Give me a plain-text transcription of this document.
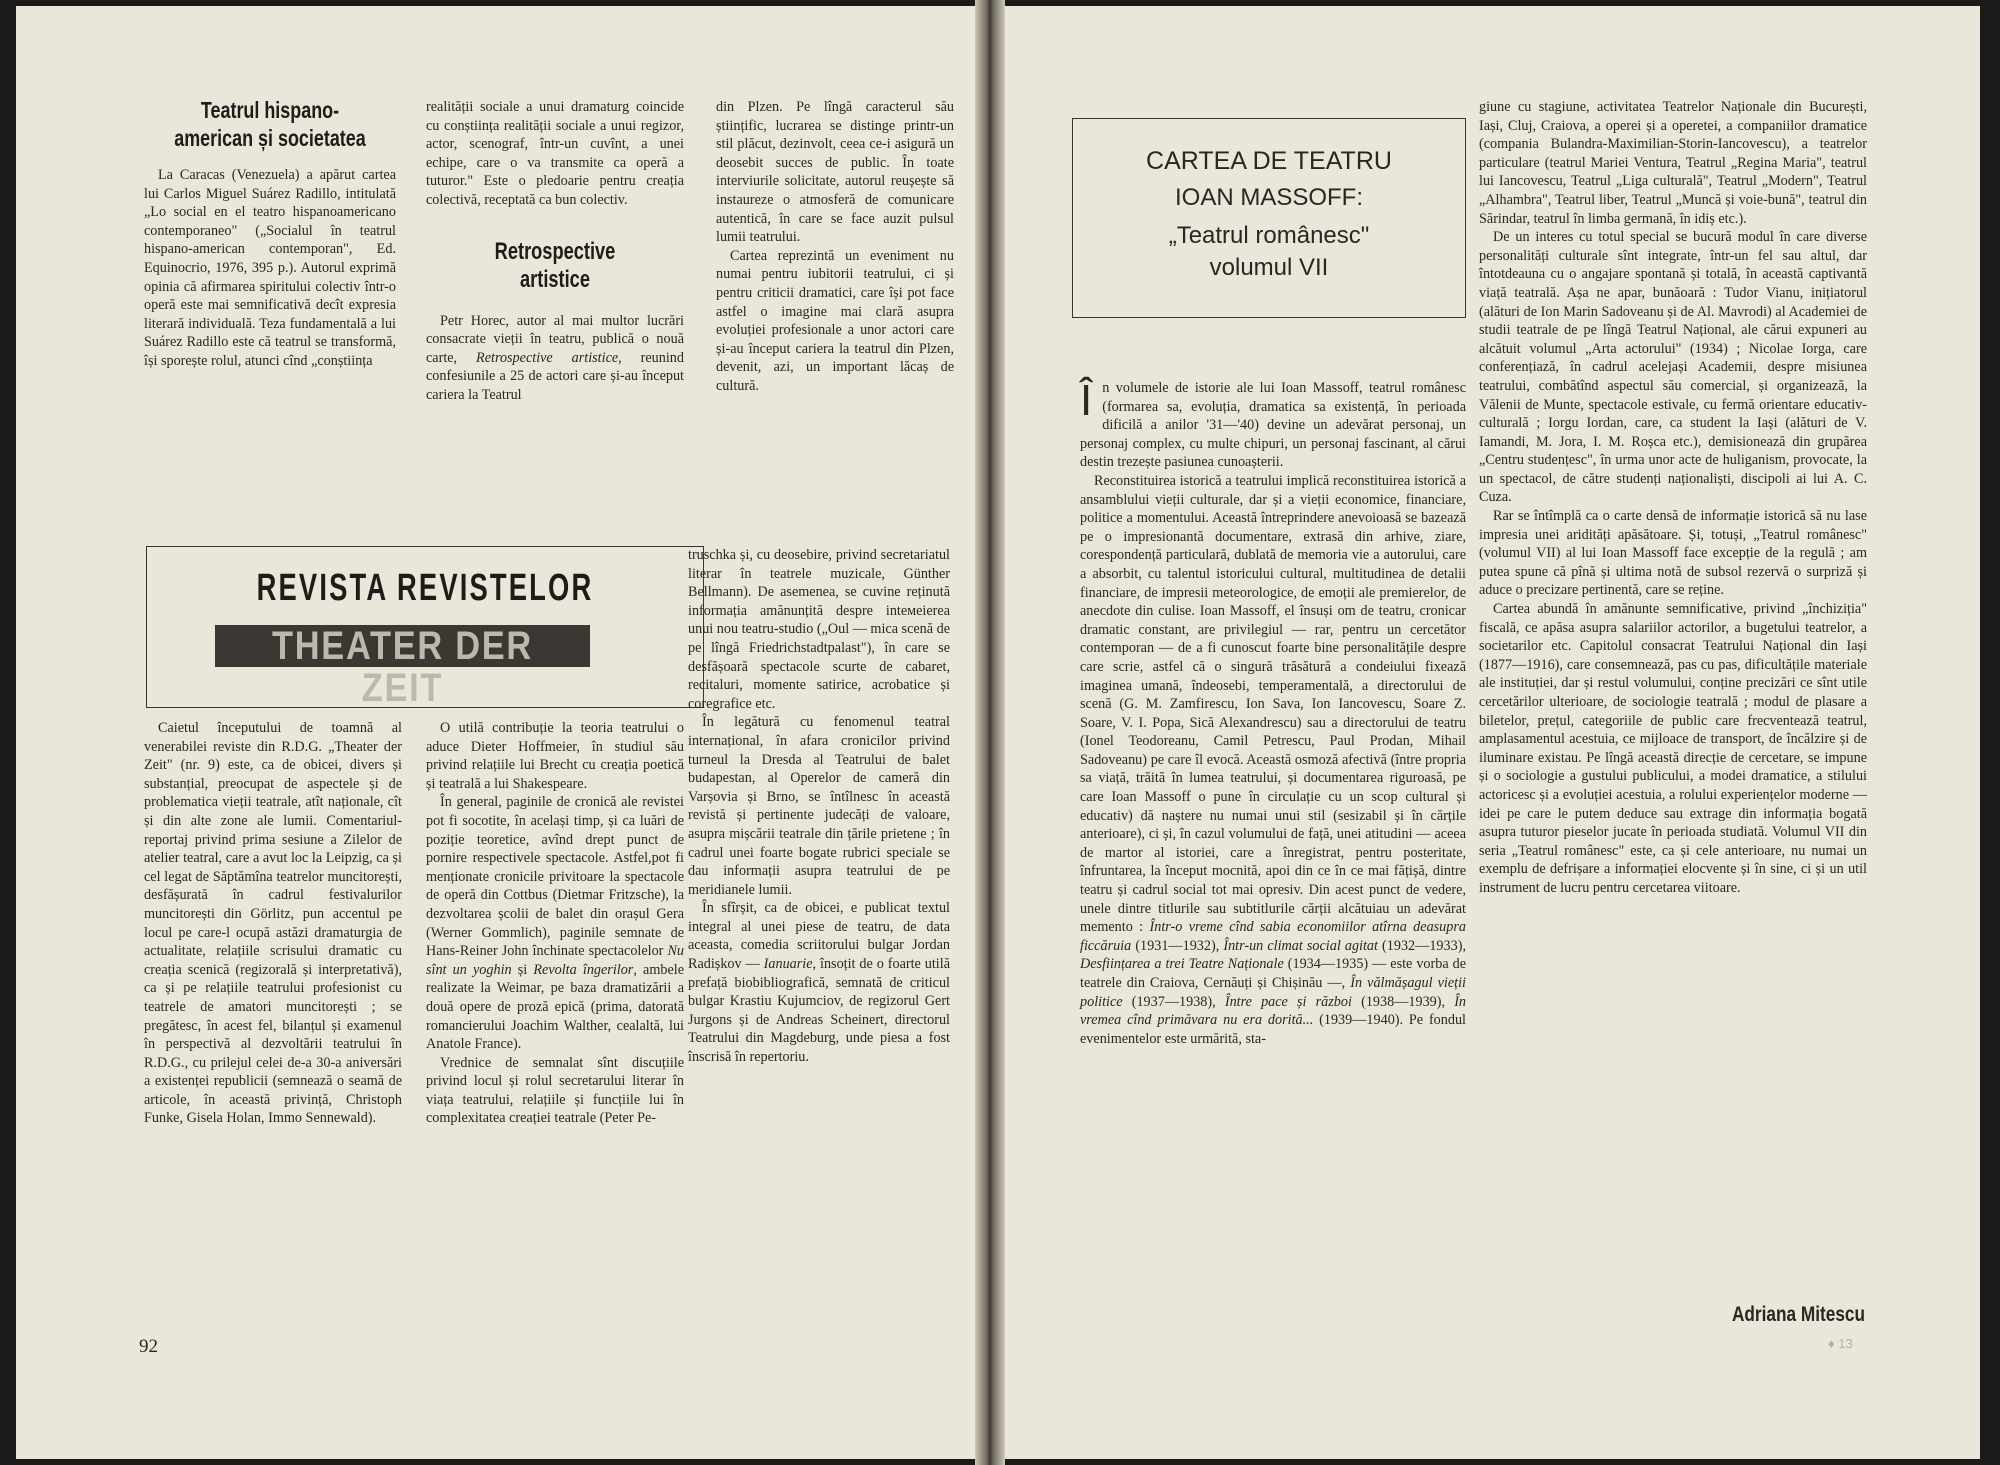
Teatrul hispano-american și societatea

La Caracas (Venezuela) a apărut cartea lui Carlos Miguel Suárez Radillo, intitulată „Lo social en el teatro hispanoamericano contemporaneo" („Socialul în teatrul hispano-american contemporan", Ed. Equinocrio, 1976, 395 p.). Autorul exprimă opinia că afirmarea spiritului colectiv într-o operă este mai semnificativă decît expresia literară individuală. Teza fundamentală a lui Suárez Radillo este că teatrul se transformă, își sporește rolul, atunci cînd „conștiința

realității sociale a unui dramaturg coincide cu conștiința realității sociale a unui regizor, actor, scenograf, într-un cuvînt, a unei echipe, care o va transmite ca operă a tuturor." Este o pledoarie pentru creația colectivă, receptată ca bun colectiv.

Retrospective artistice

Petr Horec, autor al mai multor lucrări consacrate vieții în teatru, publică o nouă carte, Retrospective artistice, reunind confesiunile a 25 de actori care și-au început cariera la Teatrul

din Plzen. Pe lîngă caracterul său științific, lucrarea se distinge printr-un stil plăcut, dezinvolt, ceea ce-i asigură un deosebit succes de public. În toate interviurile solicitate, autorul reușește să instaureze o atmosferă de comunicare autentică, în care se face auzit pulsul lumii teatrului.

Cartea reprezintă un eveniment nu numai pentru iubitorii teatrului, ci și pentru criticii dramatici, care își pot face astfel o imagine mai clară asupra evoluției profesionale a unor actori care și-au început cariera la teatrul din Plzen, devenit, azi, un important lăcaș de cultură.

REVISTA REVISTELOR
THEATER DER ZEIT

Caietul începutului de toamnă al venerabilei reviste din R.D.G. „Theater der Zeit" (nr. 9) este, ca de obicei, divers și substanțial, preocupat de aspectele și de problematica vieții teatrale, atît naționale, cît și din alte zone ale lumii. Comentariul-reportaj privind prima sesiune a Zilelor de atelier teatral, care a avut loc la Leipzig, ca și cel legat de Săptămîna teatrelor muncitorești, desfășurată în cadrul festivalurilor muncitorești din Görlitz, pun accentul pe locul pe care-l ocupă astăzi dramaturgia de actualitate, relațiile scrisului dramatic cu creația scenică (regizorală și interpretativă), ca și pe relațiile teatrului profesionist cu teatrele de amatori muncitorești ; se pregătesc, în acest fel, bilanțul și examenul în perspectivă al dezvoltării teatrului în R.D.G., cu prilejul celei de-a 30-a aniversări a existenței republicii (semnează o seamă de articole, în această privință, Christoph Funke, Gisela Holan, Immo Sennewald).

O utilă contribuție la teoria teatrului o aduce Dieter Hoffmeier, în studiul său privind relațiile lui Brecht cu creația poetică și teatrală a lui Shakespeare.

În general, paginile de cronică ale revistei pot fi socotite, în același timp, și ca luări de poziție teoretice, avînd drept punct de pornire respectivele spectacole. Astfel,pot fi menționate cronicile privitoare la spectacole de operă din Cottbus (Dietmar Fritzsche), la dezvoltarea școlii de balet din orașul Gera (Werner Gommlich), paginile semnate de Hans-Reiner John închinate spectacolelor Nu sînt un yoghin și Revolta îngerilor, ambele realizate la Weimar, pe baza dramatizării a două opere de proză epică (prima, datorată romancierului Joachim Walther, cealaltă, lui Anatole France).

Vrednice de semnalat sînt discuțiile privind locul și rolul secretarului literar în viața teatrului, relațiile și funcțiile lui în complexitatea creației teatrale (Peter Pe-

truschka și, cu deosebire, privind secretariatul literar în teatrele muzicale, Günther Bellmann). De asemenea, se cuvine reținută informația amănunțită despre inteмeierea unui nou teatru-studio („Oul — mica scenă de pe lîngă Friedrichstadtpalast"), în care se desfășoară spectacole scurte de cabaret, recitaluri, momente satirice, acrobatice și coregrafice etc.

În legătură cu fenomenul teatral internațional, în afara cronicilor privind turneul la Dresda al Teatrului de balet budapestan, al Operelor de cameră din Varșovia și Brno, se întîlnesc în această revistă și pertinente judecăți de valoare, asupra mișcării teatrale din țările prietene ; în cadrul unei foarte bogate rubrici speciale se dau informații asupra teatrului de pe meridianele lumii.

În sfîrșit, ca de obicei, e publicat textul integral al unei piese de teatru, de data aceasta, comedia scriitorului bulgar Jordan Radișkov — Ianuarie, însoțit de o foarte utilă prefață biobibliografică, semnată de criticul bulgar Krastiu Kujumciov, de regizorul Gert Jurgons și de Andreas Scheinert, directorul Teatrului din Magdeburg, unde piesa a fost înscrisă în repertoriu.

92
CARTEA DE TEATRU
IOAN MASSOFF:
„Teatrul românesc"
volumul VII

În volumele de istorie ale lui Ioan Massoff, teatrul românesc (formarea sa, evoluția, dramatica sa existență, în perioada dificilă a anilor '31—'40) devine un adevărat personaj, un personaj complex, cu multe chipuri, un personaj fascinant, al cărui destin trezește pasiunea cunoașterii.

Reconstituirea istorică a teatrului implică reconstituirea istorică a ansamblului vieții culturale, dar și a vieții economice, financiare, politice a momentului. Această întreprindere anevoioasă se bazează pe o impresionantă documentare, extrasă din arhive, ziare, corespondență particulară, dublată de memoria vie a autorului, care a absorbit, cu talentul istoricului cultural, multitudinea de detalii financiare, de impresii meteorologice, de emoții ale premierelor, de anecdote din culise. Ioan Massoff, el însuși om de teatru, cronicar dramatic constant, are privilegiul — rar, pentru un cercetător contemporan — de a fi cunoscut foarte bine personalitățile despre care scrie, astfel că o singură trăsătură a condeiului fixează imaginea umană, îndeosebi, temperamentală, a directorului de scenă (G. M. Zamfirescu, Ion Sava, Ion Iancovescu, Soare Z. Soare, V. I. Popa, Sică Alexandrescu) sau a directorului de teatru (Ionel Teodoreanu, Camil Petrescu, Paul Prodan, Mihail Sadoveanu) pe care îl evocă. Această osmoză afectivă (între propria sa viață, trăită în lumea teatrului, și documentarea riguroasă, pe care Ioan Massoff o pune în circulație cu un scop cultural și educativ) dă naștere nu numai unui stil (sesizabil și în cărțile anterioare), ci și, în cazul volumului de față, unei atitudini — aceea de martor al istoriei, care a înregistrat, pentru posteritate, înfruntarea, la început mocnită, apoi din ce în ce mai fățișă, dintre teatru și cadrul social tot mai opresiv. Din acest punct de vedere, unele dintre titlurile sau subtitlurile cărții alcătuiau un adevărat memento : Într-o vreme cînd sabia economiilor atîrna deasupra ficcăruia (1931—1932), Într-un climat social agitat (1932—1933), Desființarea a trei Teatre Naționale (1934—1935) — este vorba de teatrele din Craiova, Cernăuți și Chișinău —, În vălmășagul vieții politice (1937—1938), Între pace și război (1938—1939), În vremea cînd primăvara nu era dorită... (1939—1940). Pe fondul evenimentelor este urmărită, sta-

giune cu stagiune, activitatea Teatrelor Naționale din București, Iași, Cluj, Craiova, a operei și a operetei, a companiilor dramatice (compania Bulandra-Maximilian-Storin-Iancovescu), a teatrelor particulare (teatrul Mariei Ventura, Teatrul „Regina Maria", teatrul lui Iancovescu, Teatrul „Liga culturală", Teatrul „Modern", Teatrul „Alhambra", Teatrul liber, Teatrul „Muncă și voie-bună", teatrul din Sărindar, teatrul în limba germană, în idiș etc.).

De un interes cu totul special se bucură modul în care diverse personalități culturale sînt integrate, într-un fel sau altul, dar întotdeauna cu o angajare spontană și totală, în această captivantă viață teatrală. Așa ne apar, bunăoară : Tudor Vianu, inițiatorul (alături de Ion Marin Sadoveanu și de Al. Mavrodi) al Academiei de studii teatrale de pe lîngă Teatrul Național, ale cărui expuneri au alcătuit volumul „Arta actorului" (1934) ; Nicolae Iorga, care conferențiază, în cadrul acelejași Academii, despre misiunea teatrului, combătînd aspectul său comercial, și organizează, la Vălenii de Munte, spectacole estivale, cu fermă orientare educativ-culturală ; Iorgu Iordan, care, ca student la Iași (alături de V. Iamandi, M. Jora, I. M. Roșca etc.), demisionează din grupărea „Centru studențesc", în urma unor acte de huliganism, provocate, la un spectacol, de către studenți naționaliști, discipoli ai lui A. C. Cuza.

Rar se întîmplă ca o carte densă de informație istorică să nu lase impresia unei aridități apăsătoare. Și, totuși, „Teatrul românesc" (volumul VII) al lui Ioan Massoff face excepție de la regulă ; am putea spune că pînă și ultima notă de subsol rezervă o surpriză și aduce o precizare pertinentă, care se reține.

Cartea abundă în amănunte semnificative, privind „închizițiа" fiscală, ce apăsa asupra salariilor actorilor, a bugetului teatrelor, a societarilor etc. Capitolul consacrat Teatrului Național din Iași (1877—1916), care consemnează, pas cu pas, dificultățile materiale ale instituției, dar și restul volumului, conține precizări ce sînt utile cercetărilor ulterioare, de sociologie teatrală ; modul de plasare a biletelor, prețul, categoriile de public care frecventează teatrul, amplasamentul acestuia, ce mijloace de transport, de încălzire și de iluminare existau. Pe lîngă această direcție de cercetare, se impune și o sociologie a gustului publicului, a modei dramatice, a stilului actoricesc și a evoluției acestuia, a rolului experiențelor moderne — idei pe care le putem deduce sau extrage din informația bogată asupra tuturor pieselor jucate în perioada studiată. Volumul VII din seria „Teatrul românesc" este, ca și cele anterioare, nu numai un exemplu de defrișare a informației elocvente și în sine, ci și un util instrument de lucru pentru cercetarea viitoare.

Adriana Mitescu
♦ 13
